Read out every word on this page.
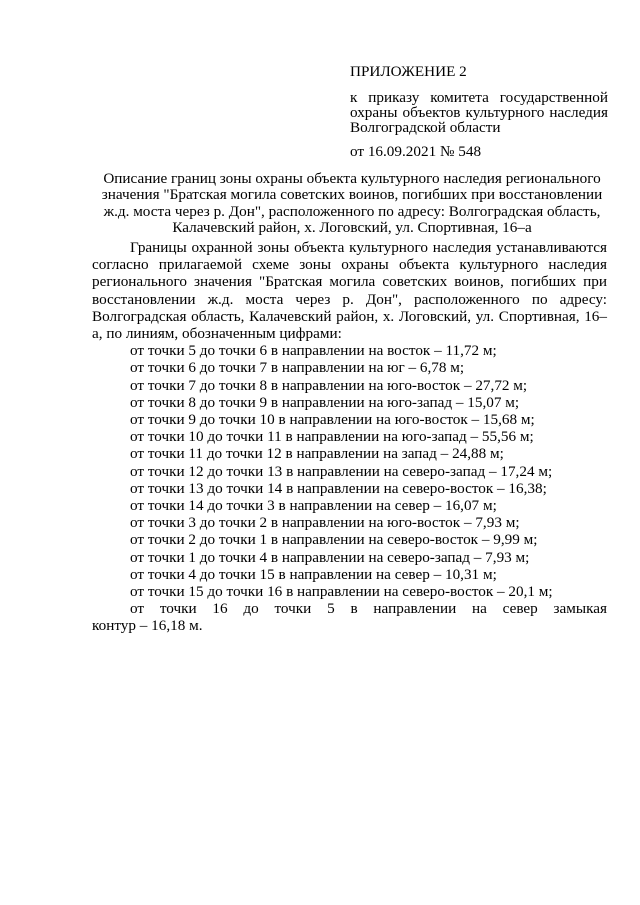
ПРИЛОЖЕНИЕ 2
к приказу комитета государственной
охраны объектов культурного наследия
Волгоградской области
от 16.09.2021 № 548
Описание границ зоны охраны объекта культурного наследия регионального значения "Братская могила советских воинов, погибших при восстановлении ж.д. моста через р. Дон", расположенного по адресу: Волгоградская область, Калачевский район, х. Логовский, ул. Спортивная, 16–а

Границы охранной зоны объекта культурного наследия устанавливаются согласно прилагаемой схеме зоны охраны объекта культурного наследия регионального значения "Братская могила советских воинов, погибших при восстановлении ж.д. моста через р. Дон", расположенного по адресу: Волгоградская область, Калачевский район, х. Логовский, ул. Спортивная, 16–а, по линиям, обозначенным цифрами:

от точки 5 до точки 6 в направлении на восток – 11,72 м;
от точки 6 до точки 7 в направлении на юг – 6,78 м;
от точки 7 до точки 8 в направлении на юго-восток – 27,72 м;
от точки 8 до точки 9 в направлении на юго-запад – 15,07 м;
от точки 9 до точки 10 в направлении на юго-восток – 15,68 м;
от точки 10 до точки 11 в направлении на юго-запад – 55,56 м;
от точки 11 до точки 12 в направлении на запад – 24,88 м;
от точки 12 до точки 13 в направлении на северо-запад – 17,24 м;
от точки 13 до точки 14 в направлении на северо-восток – 16,38;
от точки 14 до точки 3 в направлении на север – 16,07 м;
от точки 3 до точки 2 в направлении на юго-восток – 7,93 м;
от точки 2 до точки 1 в направлении на северо-восток – 9,99 м;
от точки 1 до точки 4 в направлении на северо-запад – 7,93 м;
от точки 4 до точки 15 в направлении на север – 10,31 м;
от точки 15 до точки 16 в направлении на северо-восток – 20,1 м;
от точки 16 до точки 5 в направлении на север замыкая

контур – 16,18 м.
